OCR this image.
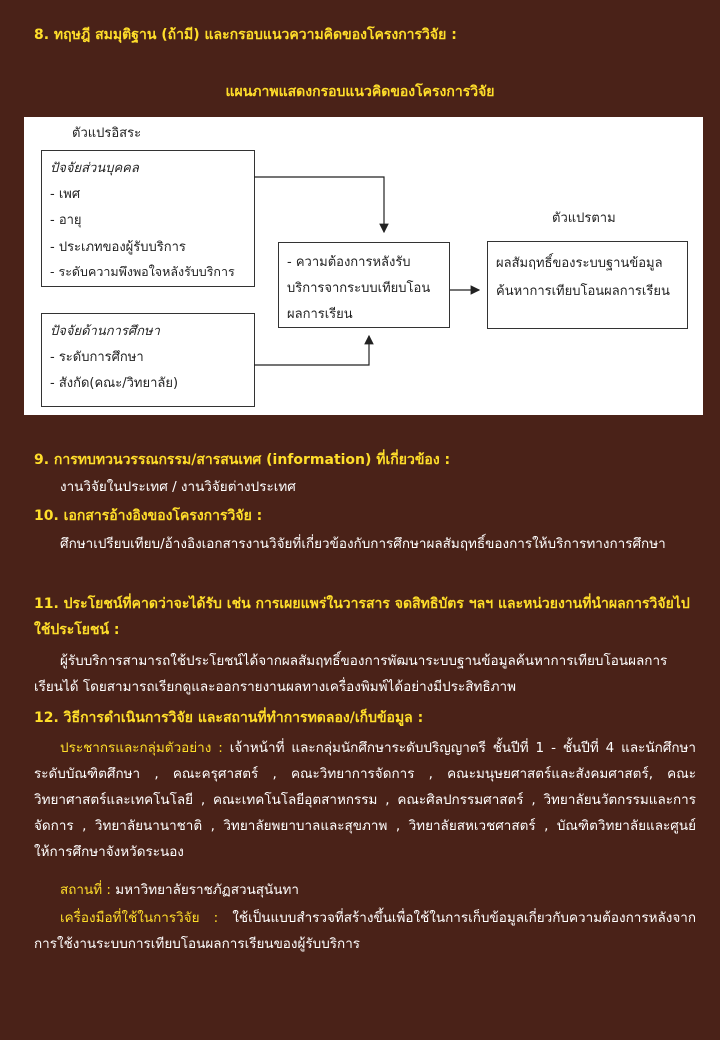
8. ทฤษฎี สมมุติฐาน (ถ้ามี) และกรอบแนวความคิดของโครงการวิจัย :
แผนภาพแสดงกรอบแนวคิดของโครงการวิจัย
ตัวแปรอิสระ
ตัวแปรตาม
ปัจจัยส่วนบุคคล
- เพศ
- อายุ
- ประเภทของผู้รับบริการ
- ระดับความพึงพอใจหลังรับบริการ
ปัจจัยด้านการศึกษา
- ระดับการศึกษา
- สังกัด(คณะ/วิทยาลัย)
- ความต้องการหลังรับ
บริการจากระบบเทียบโอน
ผลการเรียน
ผลสัมฤทธิ์ของระบบฐานข้อมูล
ค้นหาการเทียบโอนผลการเรียน
9. การทบทวนวรรณกรรม/สารสนเทศ (information) ที่เกี่ยวข้อง :
งานวิจัยในประเทศ / งานวิจัยต่างประเทศ
10. เอกสารอ้างอิงของโครงการวิจัย :
ศึกษาเปรียบเทียบ/อ้างอิงเอกสารงานวิจัยที่เกี่ยวข้องกับการศึกษาผลสัมฤทธิ์ของการให้บริการทางการศึกษา
11. ประโยชน์ที่คาดว่าจะได้รับ เช่น การเผยแพร่ในวารสาร จดสิทธิบัตร ฯลฯ และหน่วยงานที่นำผลการวิจัยไปใช้ประโยชน์ :
ผู้รับบริการสามารถใช้ประโยชน์ได้จากผลสัมฤทธิ์ของการพัฒนาระบบฐานข้อมูลค้นหาการเทียบโอนผลการเรียนได้ โดยสามารถเรียกดูและออกรายงานผลทางเครื่องพิมพ์ได้อย่างมีประสิทธิภาพ
12. วิธีการดำเนินการวิจัย และสถานที่ทำการทดลอง/เก็บข้อมูล :
ประชากรและกลุ่มตัวอย่าง : เจ้าหน้าที่ และกลุ่มนักศึกษาระดับปริญญาตรี ชั้นปีที่ 1 - ชั้นปีที่ 4 และนักศึกษาระดับบัณฑิตศึกษา , คณะครุศาสตร์ , คณะวิทยาการจัดการ , คณะมนุษยศาสตร์และสังคมศาสตร์, คณะวิทยาศาสตร์และเทคโนโลยี , คณะเทคโนโลยีอุตสาหกรรม , คณะศิลปกรรมศาสตร์ , วิทยาลัยนวัตกรรมและการจัดการ , วิทยาลัยนานาชาติ , วิทยาลัยพยาบาลและสุขภาพ , วิทยาลัยสหเวชศาสตร์ , บัณฑิตวิทยาลัยและศูนย์ให้การศึกษาจังหวัดระนอง
สถานที่ : มหาวิทยาลัยราชภัฏสวนสุนันทา
เครื่องมือที่ใช้ในการวิจัย : ใช้เป็นแบบสำรวจที่สร้างขึ้นเพื่อใช้ในการเก็บข้อมูลเกี่ยวกับความต้องการหลังจากการใช้งานระบบการเทียบโอนผลการเรียนของผู้รับบริการ
